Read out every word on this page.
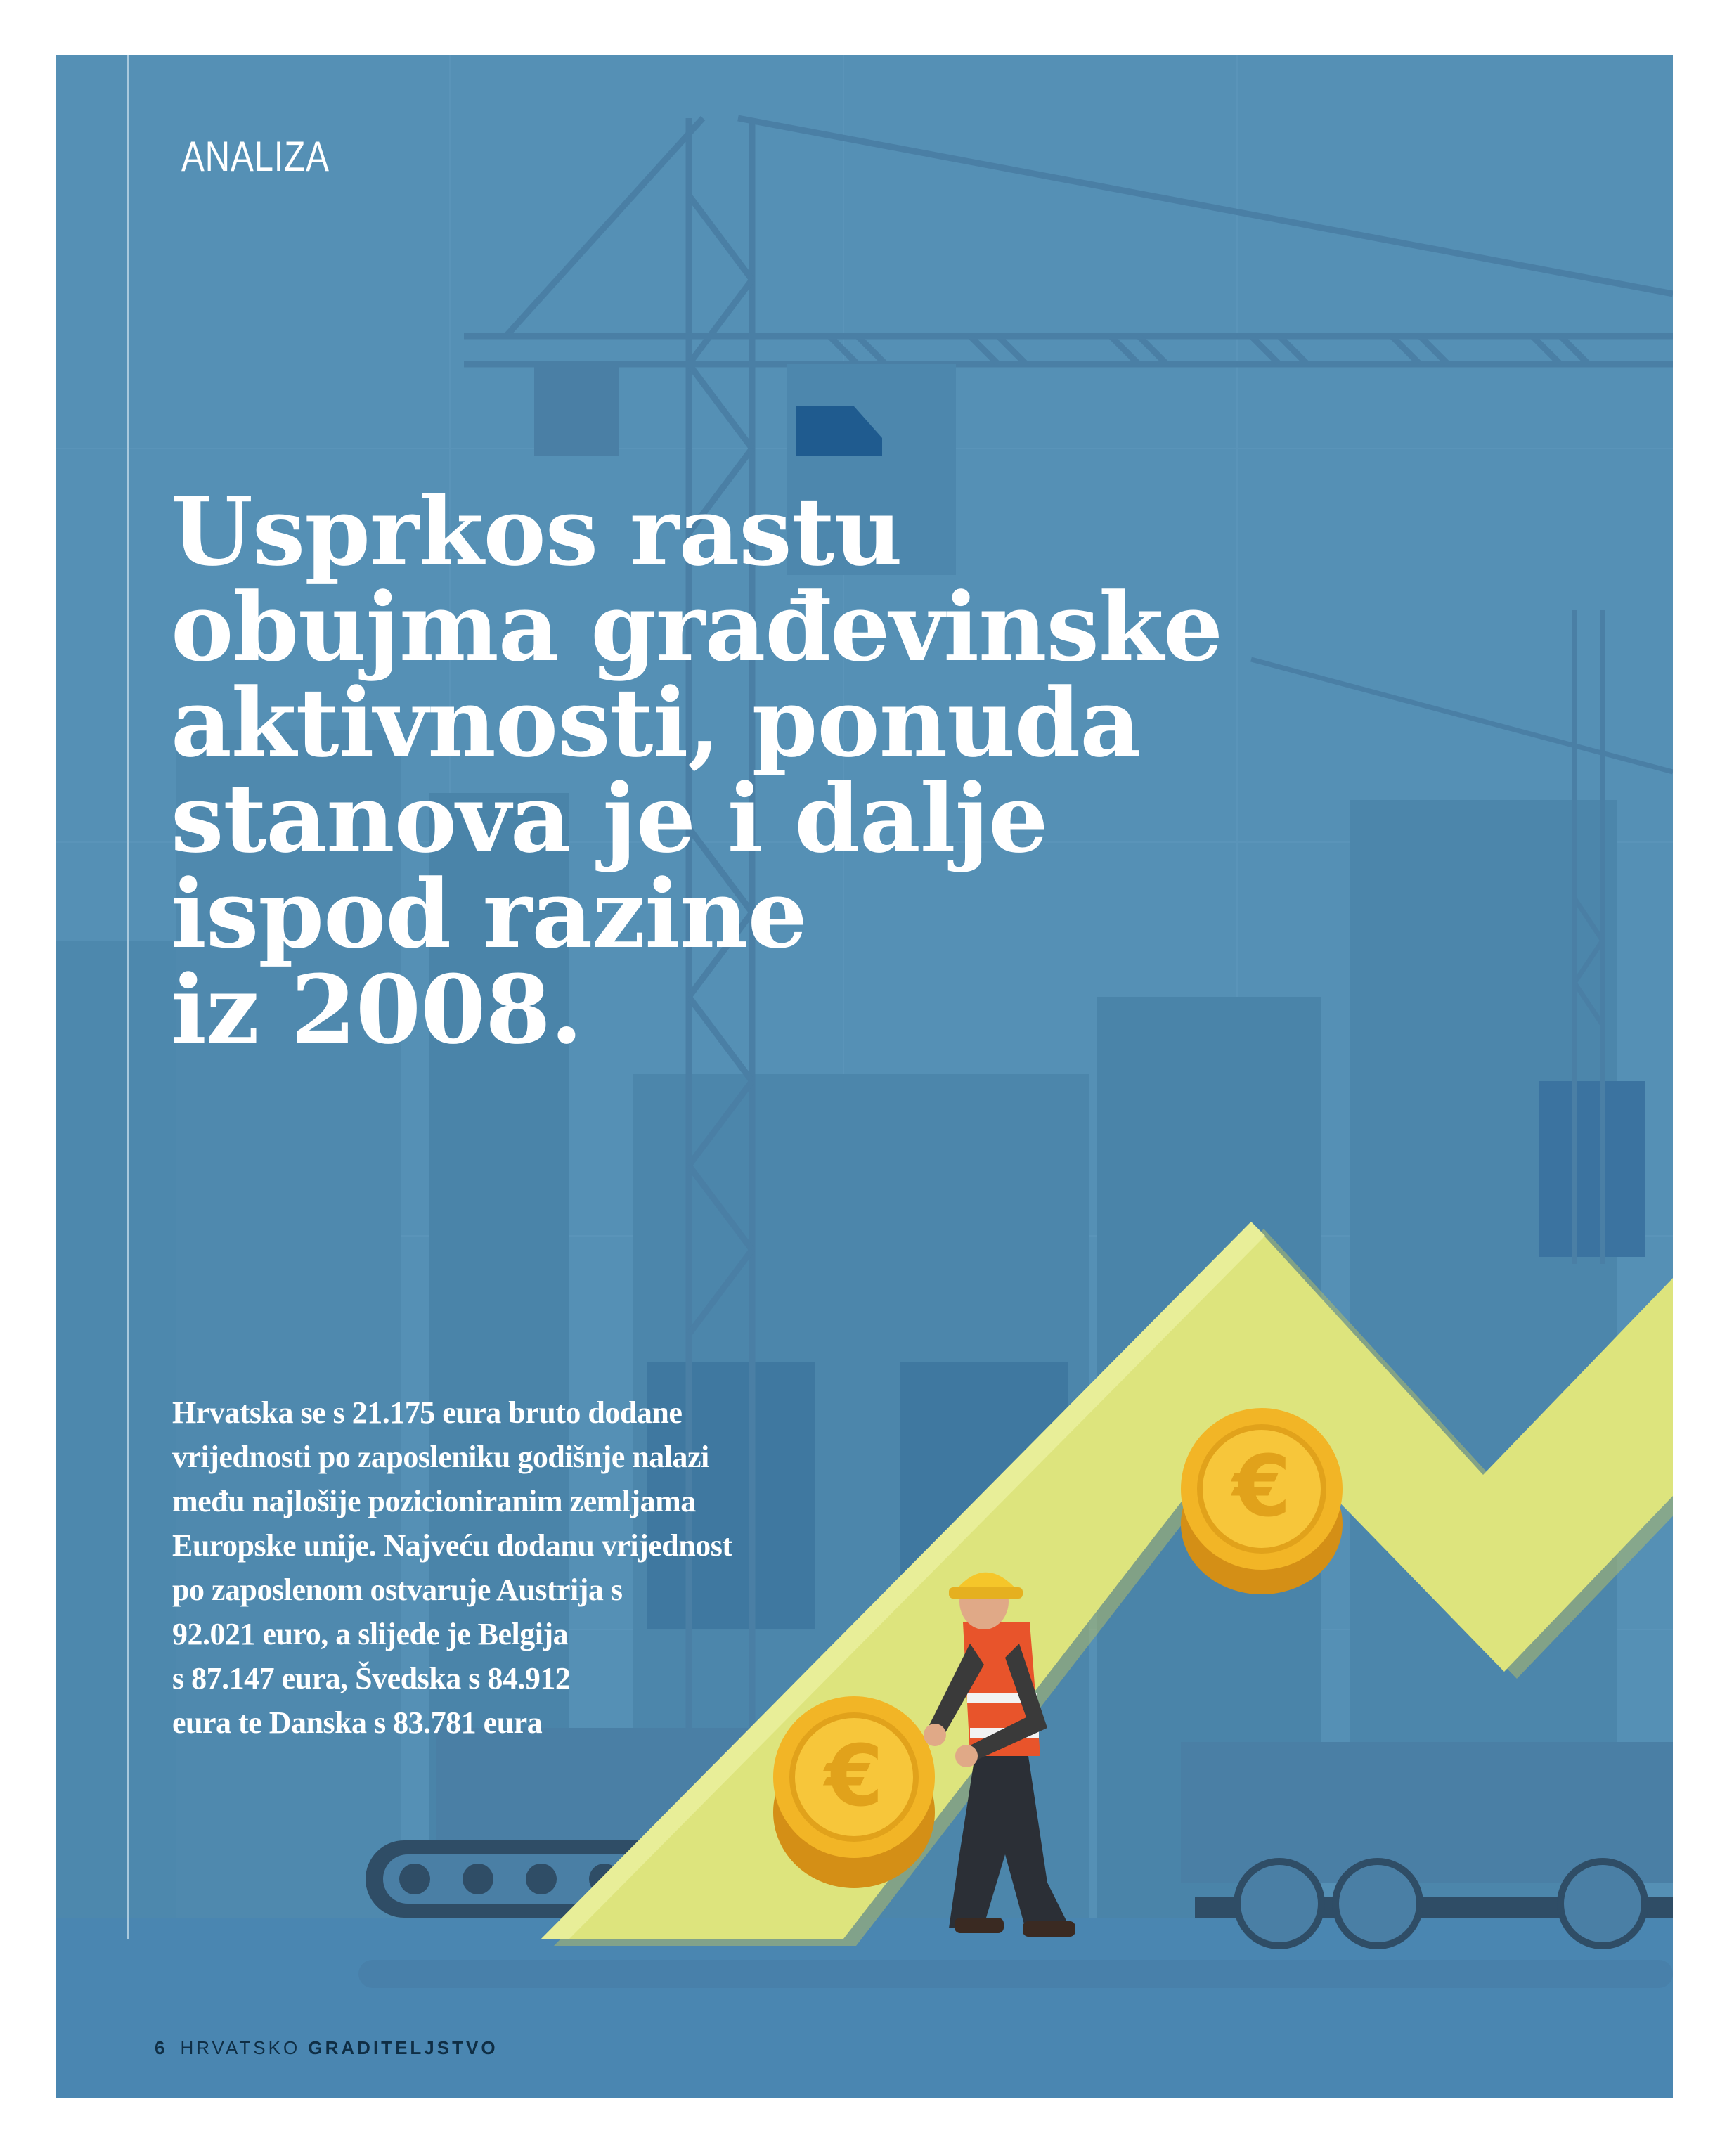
€
€
ANALIZA
Usprkos rastu
obujma građevinske
aktivnosti, ponuda
stanova je i dalje
ispod razine
iz 2008.

Hrvatska se s 21.175 eura bruto dodane
vrijednosti po zaposleniku godišnje nalazi
među najlošije pozicioniranim zemljama
Europske unije. Najveću dodanu vrijednost
po zaposlenom ostvaruje Austrija s
92.021 euro, a slijede je Belgija
s 87.147 eura, Švedska s 84.912
eura te Danska s 83.781 eura

6 HRVATSKO GRADITELJSTVO
